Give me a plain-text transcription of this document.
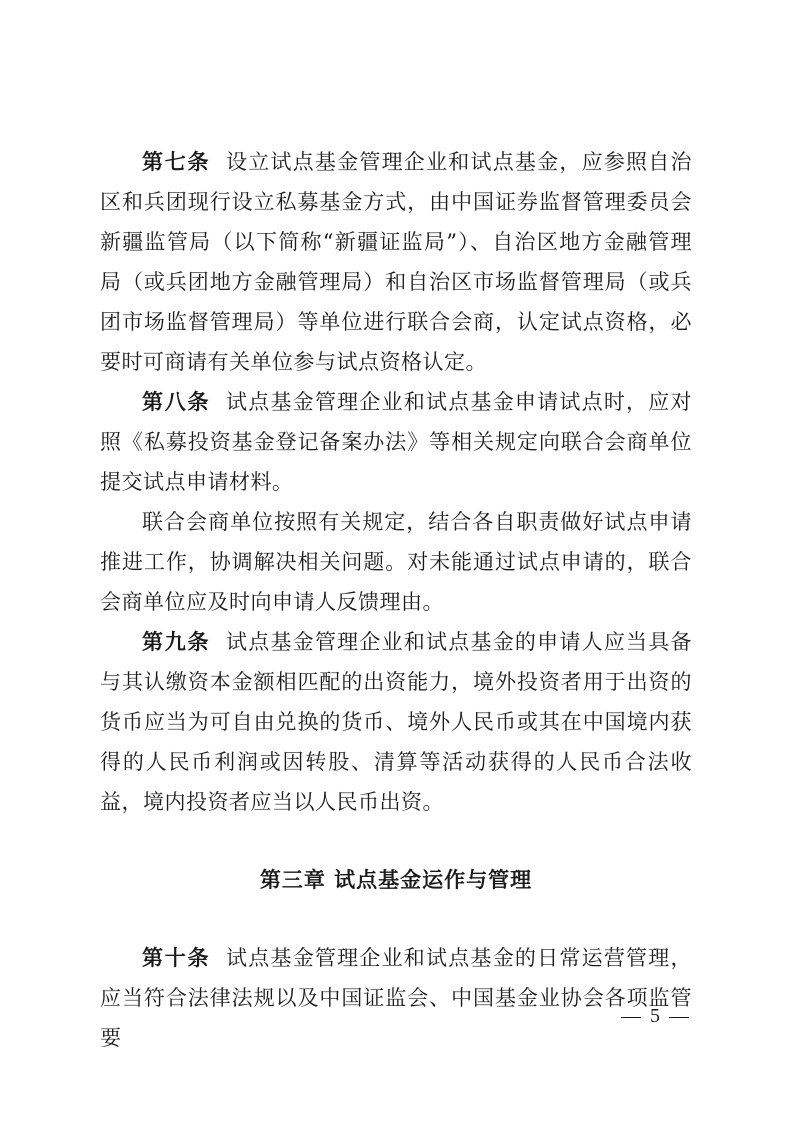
第七条 设立试点基金管理企业和试点基金，应参照自治区和兵团现行设立私募基金方式，由中国证券监督管理委员会新疆监管局（以下简称“新疆证监局”）、自治区地方金融管理局（或兵团地方金融管理局）和自治区市场监督管理局（或兵团市场监督管理局）等单位进行联合会商，认定试点资格，必要时可商请有关单位参与试点资格认定。

第八条 试点基金管理企业和试点基金申请试点时，应对照《私募投资基金登记备案办法》等相关规定向联合会商单位提交试点申请材料。

联合会商单位按照有关规定，结合各自职责做好试点申请推进工作，协调解决相关问题。对未能通过试点申请的，联合会商单位应及时向申请人反馈理由。

第九条 试点基金管理企业和试点基金的申请人应当具备与其认缴资本金额相匹配的出资能力，境外投资者用于出资的货币应当为可自由兑换的货币、境外人民币或其在中国境内获得的人民币利润或因转股、清算等活动获得的人民币合法收益，境内投资者应当以人民币出资。

第三章 试点基金运作与管理

第十条 试点基金管理企业和试点基金的日常运营管理，应当符合法律法规以及中国证监会、中国基金业协会各项监管要

— 5 —
